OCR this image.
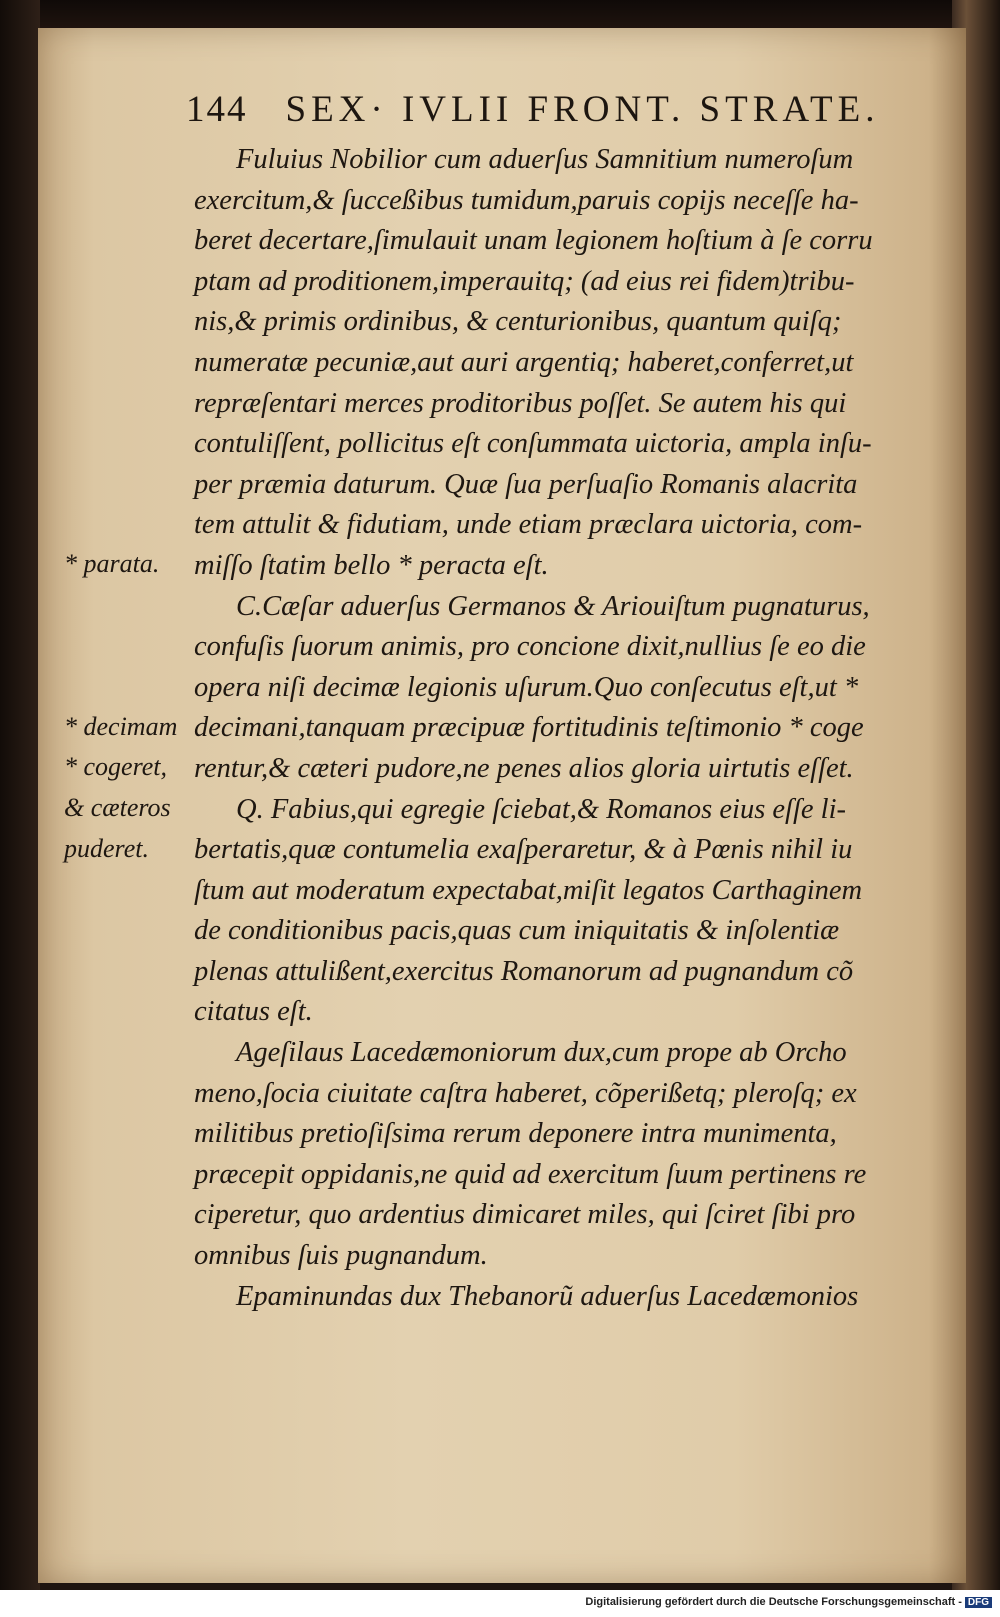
144 SEX· IVLII FRONT. STRATE.
Fuluius Nobilior cum aduerſus Samnitium numeroſum
exercitum,& ſucceßibus tumidum,paruis copijs neceſſe ha-
beret decertare,ſimulauit unam legionem hoſtium à ſe corru
ptam ad proditionem,imperauitq; (ad eius rei fidem)tribu-
nis,& primis ordinibus, & centurionibus, quantum quiſq;
numeratæ pecuniæ,aut auri argentiq; haberet,conferret,ut
repræſentari merces proditoribus poſſet. Se autem his qui
contuliſſent, pollicitus eſt conſummata uictoria, ampla inſu-
per præmia daturum. Quæ ſua perſuaſio Romanis alacrita
tem attulit & fidutiam, unde etiam præclara uictoria, com-
miſſo ſtatim bello * peracta eſt.
C.Cæſar aduerſus Germanos & Ariouiſtum pugnaturus,
confuſis ſuorum animis, pro concione dixit,nullius ſe eo die
opera niſi decimæ legionis uſurum.Quo conſecutus eſt,ut *
decimani,tanquam præcipuæ fortitudinis teſtimonio * coge
rentur,& cæteri pudore,ne penes alios gloria uirtutis eſſet.
Q. Fabius,qui egregie ſciebat,& Romanos eius eſſe li-
bertatis,quæ contumelia exaſperaretur, & à Pœnis nihil iu
ſtum aut moderatum expectabat,miſit legatos Carthaginem
de conditionibus pacis,quas cum iniquitatis & inſolentiæ
plenas attulißent,exercitus Romanorum ad pugnandum cõ
citatus eſt.
Ageſilaus Lacedæmoniorum dux,cum prope ab Orcho
meno,ſocia ciuitate caſtra haberet, cõperißetq; pleroſq; ex
militibus pretioſiſsima rerum deponere intra munimenta,
præcepit oppidanis,ne quid ad exercitum ſuum pertinens re
ciperetur, quo ardentius dimicaret miles, qui ſciret ſibi pro
omnibus ſuis pugnandum.
Epaminundas dux Thebanorũ aduerſus Lacedæmonios
* parata.
* decimam
* cogeret,
& cæteros
puderet.
Digitalisierung gefördert durch die Deutsche Forschungsgemeinschaft - DFG
